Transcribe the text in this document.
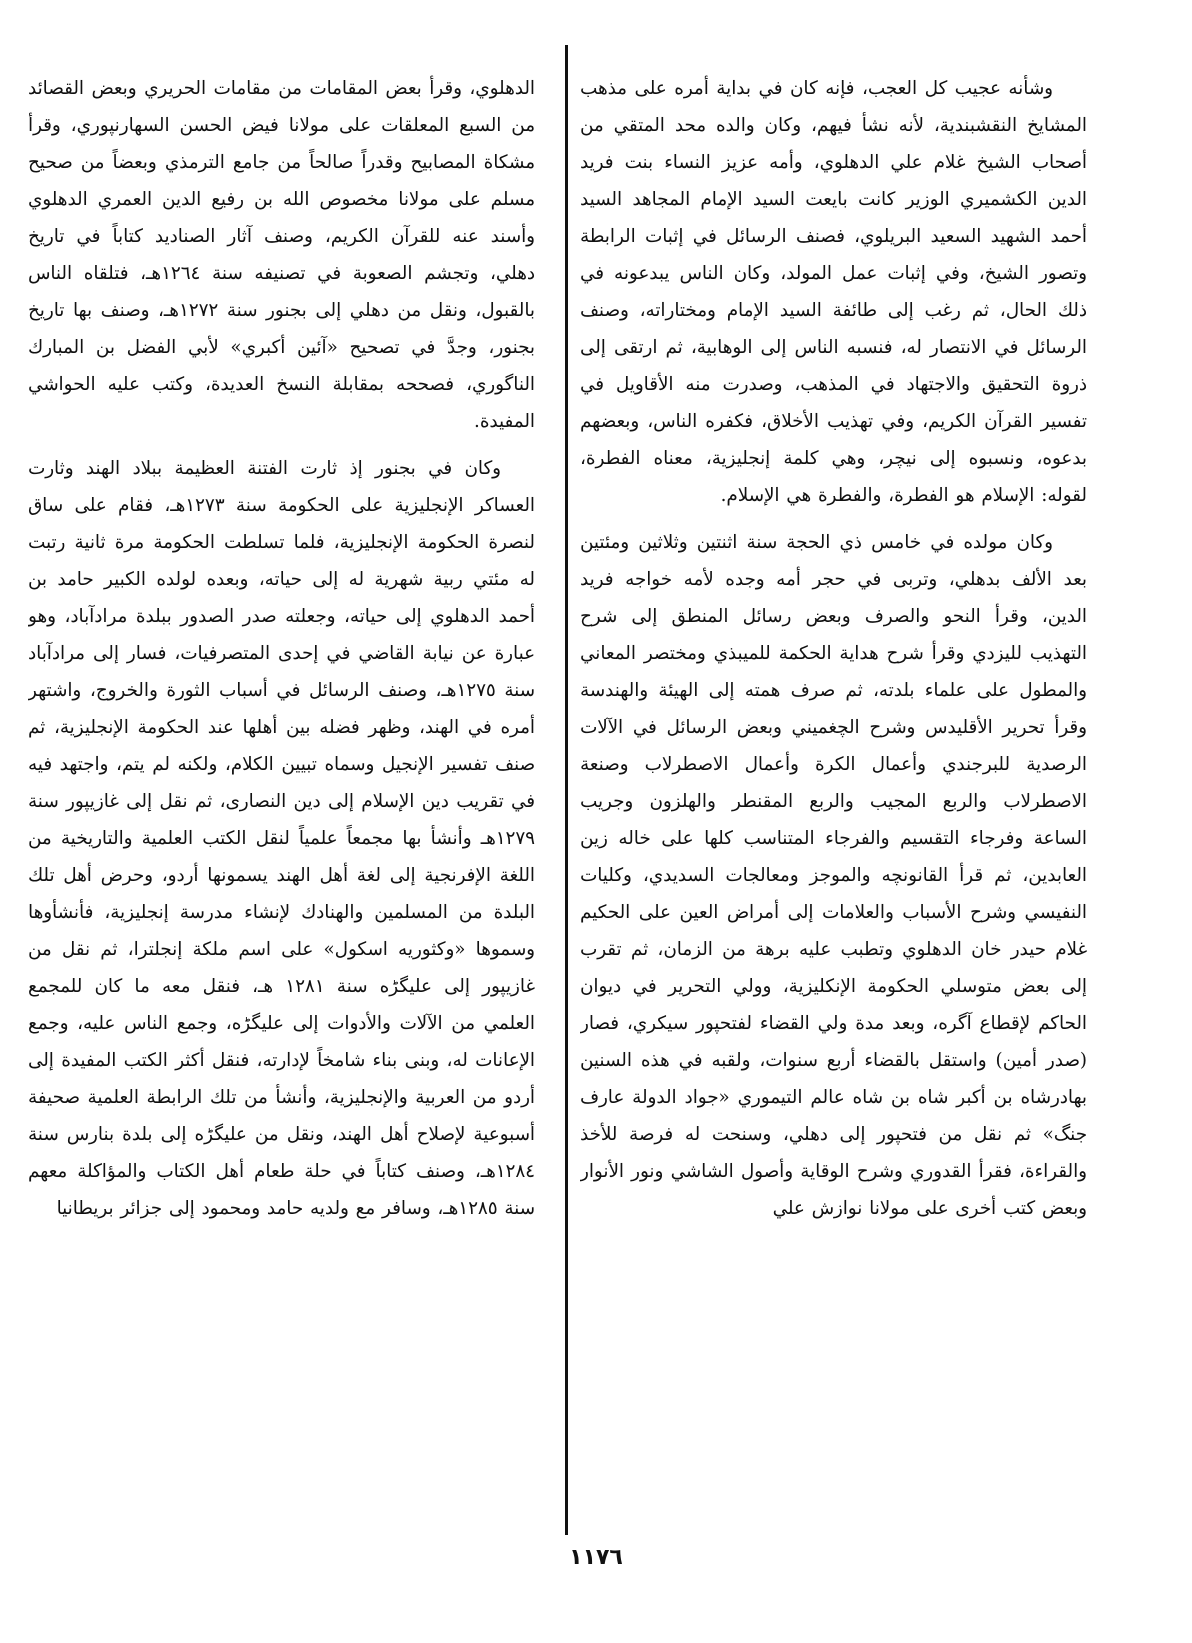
وشأنه عجيب كل العجب، فإنه كان في بداية أمره على مذهب المشايخ النقشبندية، لأنه نشأ فيهم، وكان والده محد المتقي من أصحاب الشيخ غلام علي الدهلوي، وأمه عزيز النساء بنت فريد الدين الكشميري الوزير كانت بايعت السيد الإمام المجاهد السيد أحمد الشهيد السعيد البريلوي، فصنف الرسائل في إثبات الرابطة وتصور الشيخ، وفي إثبات عمل المولد، وكان الناس يبدعونه في ذلك الحال، ثم رغب إلى طائفة السيد الإمام ومختاراته، وصنف الرسائل في الانتصار له، فنسبه الناس إلى الوهابية، ثم ارتقى إلى ذروة التحقيق والاجتهاد في المذهب، وصدرت منه الأقاويل في تفسير القرآن الكريم، وفي تهذيب الأخلاق، فكفره الناس، وبعضهم بدعوه، ونسبوه إلى نيچر، وهي كلمة إنجليزية، معناه الفطرة، لقوله: الإسلام هو الفطرة، والفطرة هي الإسلام.

وكان مولده في خامس ذي الحجة سنة اثنتين وثلاثين ومئتين بعد الألف بدهلي، وتربى في حجر أمه وجده لأمه خواجه فريد الدين، وقرأ النحو والصرف وبعض رسائل المنطق إلى شرح التهذيب لليزدي وقرأ شرح هداية الحكمة للميبذي ومختصر المعاني والمطول على علماء بلدته، ثم صرف همته إلى الهيئة والهندسة وقرأ تحرير الأقليدس وشرح الچغميني وبعض الرسائل في الآلات الرصدية للبرجندي وأعمال الكرة وأعمال الاصطرلاب وصنعة الاصطرلاب والربع المجيب والربع المقنطر والهلزون وجريب الساعة وفرجاء التقسيم والفرجاء المتناسب كلها على خاله زين العابدين، ثم قرأ القانونچه والموجز ومعالجات السديدي، وكليات النفيسي وشرح الأسباب والعلامات إلى أمراض العين على الحكيم غلام حيدر خان الدهلوي وتطبب عليه برهة من الزمان، ثم تقرب إلى بعض متوسلي الحكومة الإنكليزية، وولي التحرير في ديوان الحاكم لإقطاع آگره، وبعد مدة ولي القضاء لفتحپور سيكري، فصار (صدر أمين) واستقل بالقضاء أربع سنوات، ولقبه في هذه السنين بهادرشاه بن أكبر شاه بن شاه عالم التيموري «جواد الدولة عارف جنگ» ثم نقل من فتحپور إلى دهلي، وسنحت له فرصة للأخذ والقراءة، فقرأ القدوري وشرح الوقاية وأصول الشاشي ونور الأنوار وبعض كتب أخرى على مولانا نوازش علي

الدهلوي، وقرأ بعض المقامات من مقامات الحريري وبعض القصائد من السبع المعلقات على مولانا فيض الحسن السهارنپوري، وقرأ مشكاة المصابيح وقدراً صالحاً من جامع الترمذي وبعضاً من صحيح مسلم على مولانا مخصوص الله بن رفيع الدين العمري الدهلوي وأسند عنه للقرآن الكريم، وصنف آثار الصناديد كتاباً في تاريخ دهلي، وتجشم الصعوبة في تصنيفه سنة ١٢٦٤هـ، فتلقاه الناس بالقبول، ونقل من دهلي إلى بجنور سنة ١٢٧٢هـ، وصنف بها تاريخ بجنور، وجدَّ في تصحيح «آئين أكبري» لأبي الفضل بن المبارك الناگوري، فصححه بمقابلة النسخ العديدة، وكتب عليه الحواشي المفيدة.

وكان في بجنور إذ ثارت الفتنة العظيمة ببلاد الهند وثارت العساكر الإنجليزية على الحكومة سنة ١٢٧٣هـ، فقام على ساق لنصرة الحكومة الإنجليزية، فلما تسلطت الحكومة مرة ثانية رتبت له مئتي ربية شهرية له إلى حياته، وبعده لولده الكبير حامد بن أحمد الدهلوي إلى حياته، وجعلته صدر الصدور ببلدة مرادآباد، وهو عبارة عن نيابة القاضي في إحدى المتصرفيات، فسار إلى مرادآباد سنة ١٢٧٥هـ، وصنف الرسائل في أسباب الثورة والخروج، واشتهر أمره في الهند، وظهر فضله بين أهلها عند الحكومة الإنجليزية، ثم صنف تفسير الإنجيل وسماه تبيين الكلام، ولكنه لم يتم، واجتهد فيه في تقريب دين الإسلام إلى دين النصارى، ثم نقل إلى غازيپور سنة ١٢٧٩هـ وأنشأ بها مجمعاً علمياً لنقل الكتب العلمية والتاريخية من اللغة الإفرنجية إلى لغة أهل الهند يسمونها أردو، وحرض أهل تلك البلدة من المسلمين والهنادك لإنشاء مدرسة إنجليزية، فأنشأوها وسموها «وكثوريه اسكول» على اسم ملكة إنجلترا، ثم نقل من غازيپور إلى عليگڑه سنة ١٢٨١ هـ، فنقل معه ما كان للمجمع العلمي من الآلات والأدوات إلى عليگڑه، وجمع الناس عليه، وجمع الإعانات له، وبنى بناء شامخاً لإدارته، فنقل أكثر الكتب المفيدة إلى أردو من العربية والإنجليزية، وأنشأ من تلك الرابطة العلمية صحيفة أسبوعية لإصلاح أهل الهند، ونقل من عليگڑه إلى بلدة بنارس سنة ١٢٨٤هـ، وصنف كتاباً في حلة طعام أهل الكتاب والمؤاكلة معهم سنة ١٢٨٥هـ، وسافر مع ولديه حامد ومحمود إلى جزائر بريطانيا

١١٧٦
